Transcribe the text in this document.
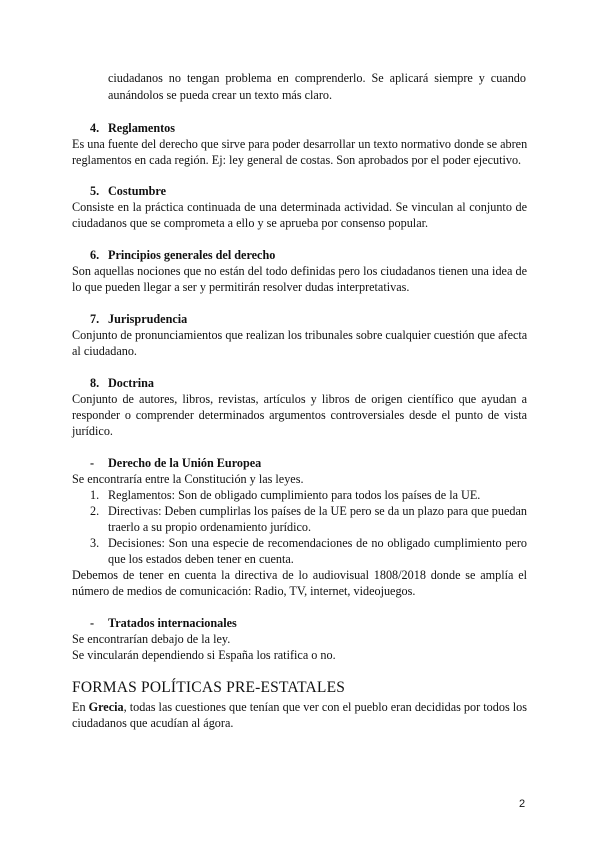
ciudadanos no tengan problema en comprenderlo. Se aplicará siempre y cuando
aunándolos se pueda crear un texto más claro.
4. Reglamentos
Es una fuente del derecho que sirve para poder desarrollar un texto normativo donde se abren
reglamentos en cada región. Ej: ley general de costas. Son aprobados por el poder ejecutivo.
5. Costumbre
Consiste en la práctica continuada de una determinada actividad. Se vinculan al conjunto de
ciudadanos que se comprometa a ello y se aprueba por consenso popular.
6. Principios generales del derecho
Son aquellas nociones que no están del todo definidas pero los ciudadanos tienen una idea de
lo que pueden llegar a ser y permitirán resolver dudas interpretativas.
7. Jurisprudencia
Conjunto de pronunciamientos que realizan los tribunales sobre cualquier cuestión que afecta
al ciudadano.
8. Doctrina
Conjunto de autores, libros, revistas, artículos y libros de origen científico que ayudan a
responder o comprender determinados argumentos controversiales desde el punto de vista
jurídico.
- Derecho de la Unión Europea
Se encontraría entre la Constitución y las leyes.
1. Reglamentos: Son de obligado cumplimiento para todos los países de la UE.
2. Directivas: Deben cumplirlas los países de la UE pero se da un plazo para que puedan
traerlo a su propio ordenamiento jurídico.
3. Decisiones: Son una especie de recomendaciones de no obligado cumplimiento pero
que los estados deben tener en cuenta.
Debemos de tener en cuenta la directiva de lo audiovisual 1808/2018 donde se amplía el
número de medios de comunicación: Radio, TV, internet, videojuegos.
- Tratados internacionales
Se encontrarían debajo de la ley.
Se vincularán dependiendo si España los ratifica o no.
FORMAS POLÍTICAS PRE-ESTATALES
En Grecia, todas las cuestiones que tenían que ver con el pueblo eran decididas por todos los
ciudadanos que acudían al ágora.
2
